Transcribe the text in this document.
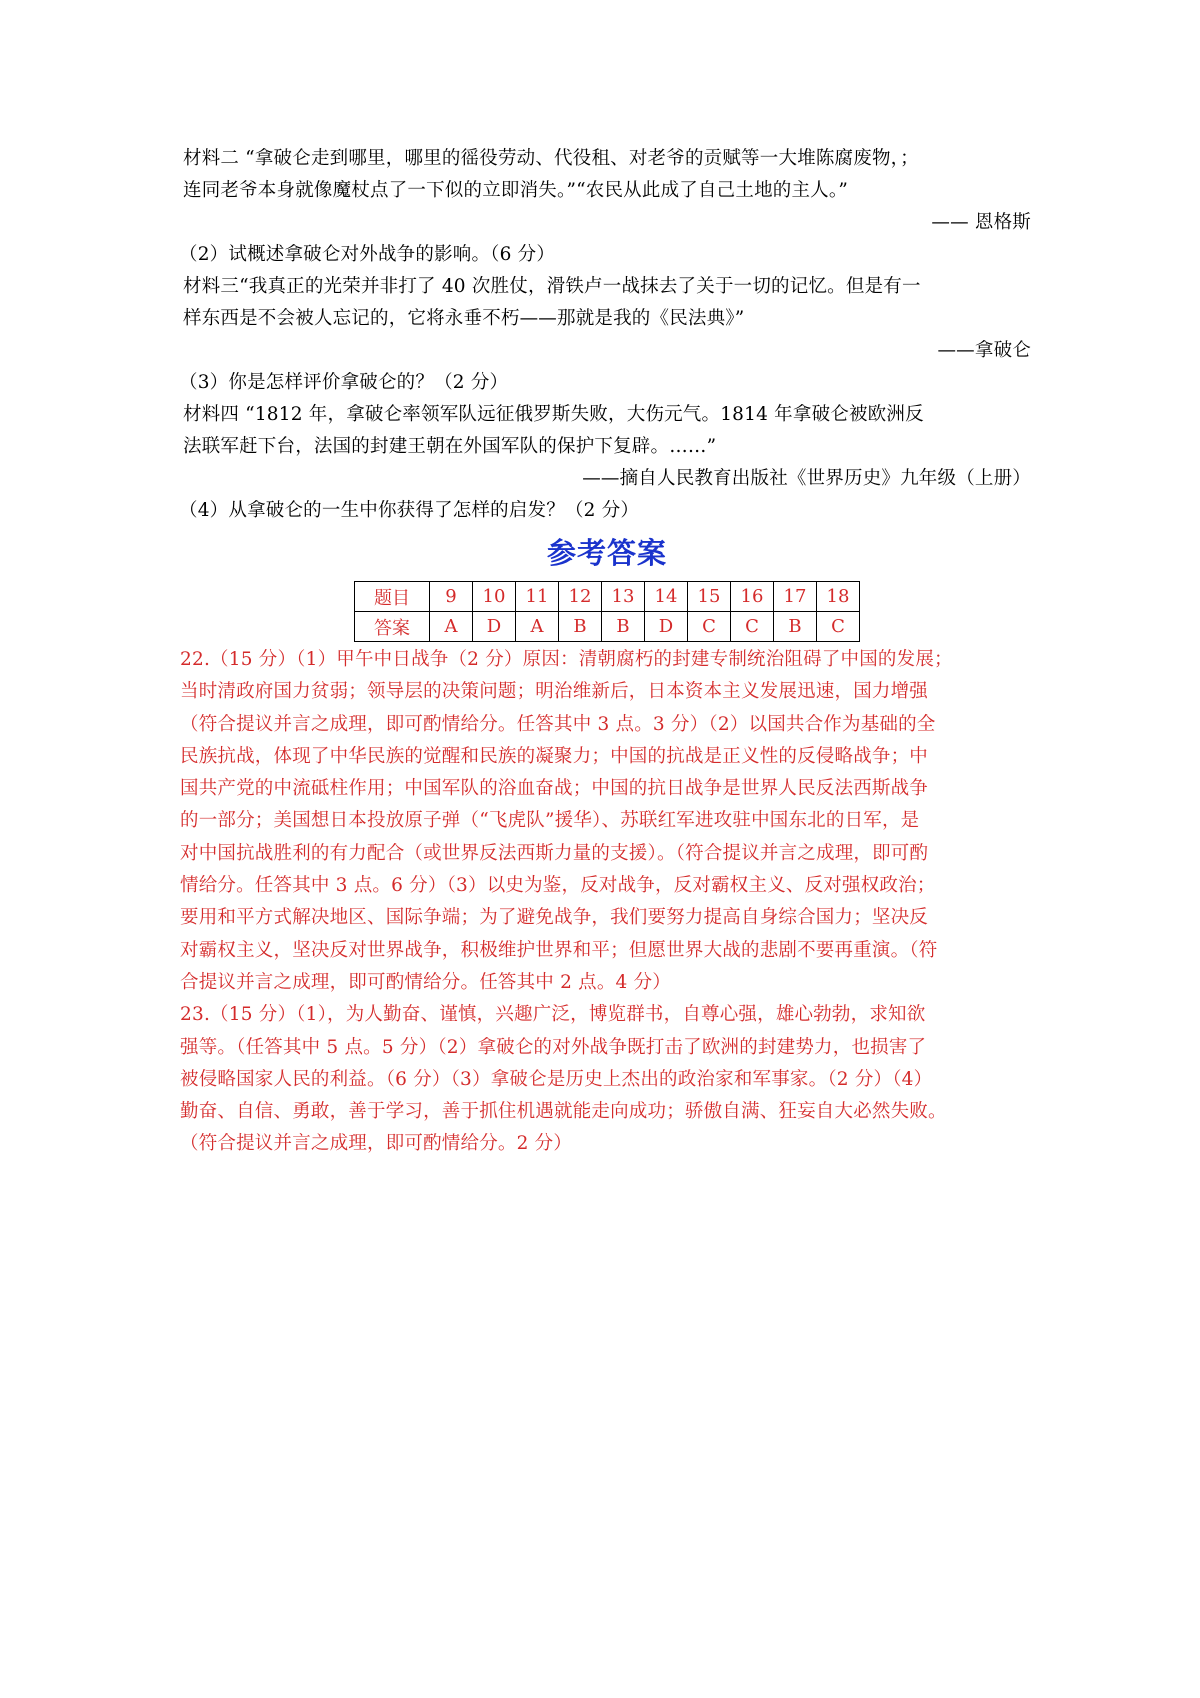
材料二 “拿破仑走到哪里，哪里的徭役劳动、代役租、对老爷的贡赋等一大堆陈腐废物，；
连同老爷本身就像魔杖点了一下似的立即消失。”“农民从此成了自己土地的主人。”
—— 恩格斯
（2）试概述拿破仑对外战争的影响。（6 分）
材料三“我真正的光荣并非打了 40 次胜仗，滑铁卢一战抹去了关于一切的记忆。但是有一
样东西是不会被人忘记的，它将永垂不朽——那就是我的《民法典》”
——拿破仑
（3）你是怎样评价拿破仑的？（2 分）
材料四 “1812 年，拿破仑率领军队远征俄罗斯失败，大伤元气。1814 年拿破仑被欧洲反
法联军赶下台，法国的封建王朝在外国军队的保护下复辟。……”
——摘自人民教育出版社《世界历史》九年级（上册）
（4）从拿破仑的一生中你获得了怎样的启发？（2 分）
参考答案
题目	9	10	11	12	13	14	15	16	17	18
答案	A	D	A	B	B	D	C	C	B	C
22.（15 分）（1）甲午中日战争（2 分）原因：清朝腐朽的封建专制统治阻碍了中国的发展；
当时清政府国力贫弱；领导层的决策问题；明治维新后，日本资本主义发展迅速，国力增强
（符合提议并言之成理，即可酌情给分。任答其中 3 点。3 分）（2）以国共合作为基础的全
民族抗战，体现了中华民族的觉醒和民族的凝聚力；中国的抗战是正义性的反侵略战争；中
国共产党的中流砥柱作用；中国军队的浴血奋战；中国的抗日战争是世界人民反法西斯战争
的一部分；美国想日本投放原子弹（“飞虎队”援华）、苏联红军进攻驻中国东北的日军，是
对中国抗战胜利的有力配合（或世界反法西斯力量的支援）。（符合提议并言之成理，即可酌
情给分。任答其中 3 点。6 分）（3）以史为鉴，反对战争，反对霸权主义、反对强权政治；
要用和平方式解决地区、国际争端；为了避免战争，我们要努力提高自身综合国力；坚决反
对霸权主义，坚决反对世界战争，积极维护世界和平；但愿世界大战的悲剧不要再重演。（符
合提议并言之成理，即可酌情给分。任答其中 2 点。4 分）
23.（15 分）（1），为人勤奋、谨慎，兴趣广泛，博览群书，自尊心强，雄心勃勃，求知欲
强等。（任答其中 5 点。5 分）（2）拿破仑的对外战争既打击了欧洲的封建势力，也损害了
被侵略国家人民的利益。（6 分）（3）拿破仑是历史上杰出的政治家和军事家。（2 分）（4）
勤奋、自信、勇敢，善于学习，善于抓住机遇就能走向成功；骄傲自满、狂妄自大必然失败。
（符合提议并言之成理，即可酌情给分。2 分）
